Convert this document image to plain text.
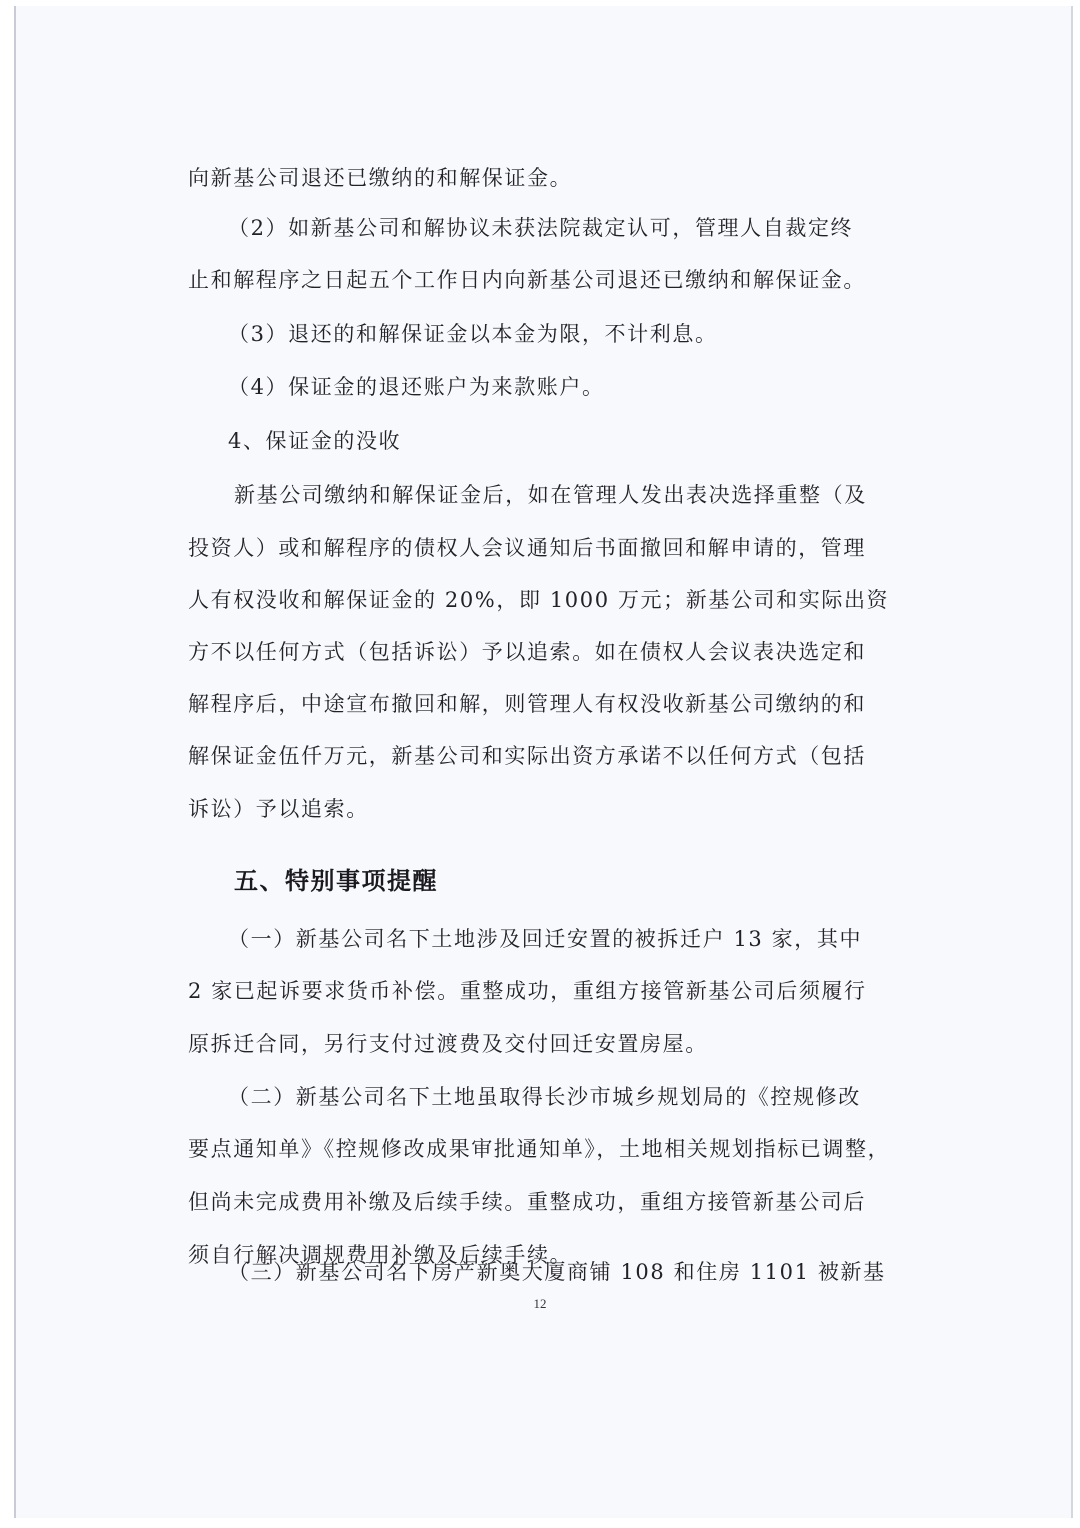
向新基公司退还已缴纳的和解保证金。
（2）如新基公司和解协议未获法院裁定认可，管理人自裁定终
止和解程序之日起五个工作日内向新基公司退还已缴纳和解保证金。
（3）退还的和解保证金以本金为限，不计利息。
（4）保证金的退还账户为来款账户。
4、保证金的没收
新基公司缴纳和解保证金后，如在管理人发出表决选择重整（及
投资人）或和解程序的债权人会议通知后书面撤回和解申请的，管理
人有权没收和解保证金的 20%，即 1000 万元；新基公司和实际出资
方不以任何方式（包括诉讼）予以追索。如在债权人会议表决选定和
解程序后，中途宣布撤回和解，则管理人有权没收新基公司缴纳的和
解保证金伍仟万元，新基公司和实际出资方承诺不以任何方式（包括
诉讼）予以追索。
五、特别事项提醒
（一）新基公司名下土地涉及回迁安置的被拆迁户 13 家，其中
2 家已起诉要求货币补偿。重整成功，重组方接管新基公司后须履行
原拆迁合同，另行支付过渡费及交付回迁安置房屋。
（二）新基公司名下土地虽取得长沙市城乡规划局的《控规修改
要点通知单》《控规修改成果审批通知单》，土地相关规划指标已调整，
但尚未完成费用补缴及后续手续。重整成功，重组方接管新基公司后
须自行解决调规费用补缴及后续手续。
（三）新基公司名下房产新奥大厦商铺 108 和住房 1101 被新基
12
